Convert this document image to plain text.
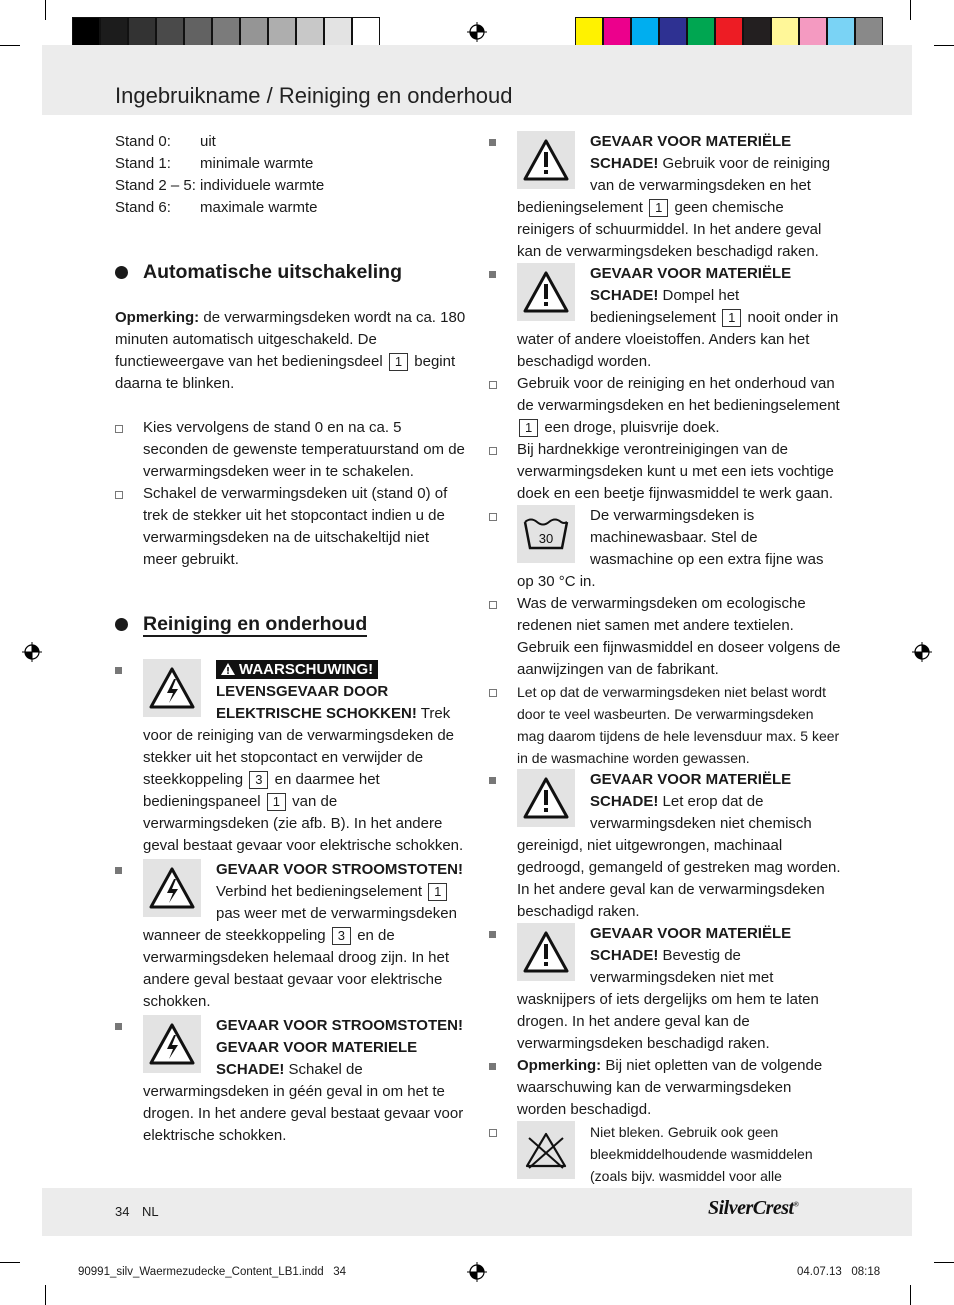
Ingebruikname / Reiniging en onderhoud
Stand 0:	uit
Stand 1:	minimale warmte
Stand 2 – 5: individuele warmte
Stand 6:	maximale warmte
Automatische uitschakeling

Opmerking: de verwarmingsdeken wordt na ca. 180 minuten automatisch uitgeschakeld. De functieweergave van het bedieningsdeel 1 begint daarna te blinken.

Kies vervolgens de stand 0 en na ca. 5 seconden de gewenste temperatuurstand om de verwarmingsdeken weer in te schakelen.
Schakel de verwarmingsdeken uit (stand 0) of trek de stekker uit het stopcontact indien u de verwarmingsdeken na de uitschakeltijd niet meer gebruikt.
Reiniging en onderhoud
WAARSCHUWING!
LEVENSGEVAAR DOOR ELEKTRISCHE SCHOKKEN! Trek voor de reiniging van de verwarmingsdeken de stekker uit het stopcontact en verwijder de steekkoppeling 3 en daarmee het bedieningspaneel 1 van de verwarmingsdeken (zie afb. B). In het andere geval bestaat gevaar voor elektrische schokken.
GEVAAR VOOR STROOMSTOTEN! Verbind het bedieningselement 1 pas weer met de verwarmingsdeken wanneer de steekkoppeling 3 en de verwarmingsdeken helemaal droog zijn. In het andere geval bestaat gevaar voor elektrische schokken.
GEVAAR VOOR STROOMSTOTEN! GEVAAR VOOR MATERIELE SCHADE! Schakel de verwarmingsdeken in géén geval in om het te drogen. In het andere geval bestaat gevaar voor elektrische schokken.
GEVAAR VOOR MATERIËLE SCHADE! Gebruik voor de reiniging van de verwarmingsdeken en het bedieningselement 1 geen chemische reinigers of schuurmiddel. In het andere geval kan de verwarmingsdeken beschadigd raken.
GEVAAR VOOR MATERIËLE SCHADE! Dompel het bedieningselement 1 nooit onder in water of andere vloeistoffen. Anders kan het beschadigd worden.
Gebruik voor de reiniging en het onderhoud van de verwarmingsdeken en het bedieningselement 1 een droge, pluisvrije doek.
Bij hardnekkige verontreinigingen van de verwarmingsdeken kunt u met een iets vochtige doek en een beetje fijnwasmiddel te werk gaan.
30
De verwarmingsdeken is machinewasbaar. Stel de wasmachine op een extra fijne was op 30 °C in.
Was de verwarmingsdeken om ecologische redenen niet samen met andere textielen. Gebruik een fijnwasmiddel en doseer volgens de aanwijzingen van de fabrikant.
Let op dat de verwarmingsdeken niet belast wordt door te veel wasbeurten. De verwarmingsdeken mag daarom tijdens de hele levensduur max. 5 keer in de wasmachine worden gewassen.
GEVAAR VOOR MATERIËLE SCHADE! Let erop dat de verwarmingsdeken niet chemisch gereinigd, niet uitgewrongen, machinaal gedroogd, gemangeld of gestreken mag worden. In het andere geval kan de verwarmingsdeken beschadigd raken.
GEVAAR VOOR MATERIËLE SCHADE! Bevestig de verwarmingsdeken niet met wasknijpers of iets dergelijks om hem te laten drogen. In het andere geval kan de verwarmingsdeken beschadigd raken.
Opmerking: Bij niet opletten van de volgende waarschuwing kan de verwarmingsdeken worden beschadigd.
Niet bleken. Gebruik ook geen bleekmiddelhoudende wasmiddelen (zoals bijv. wasmiddel voor alle
34 NL	SilverCrest®
90991_silv_Waermezudecke_Content_LB1.indd   34	04.07.13   08:18
